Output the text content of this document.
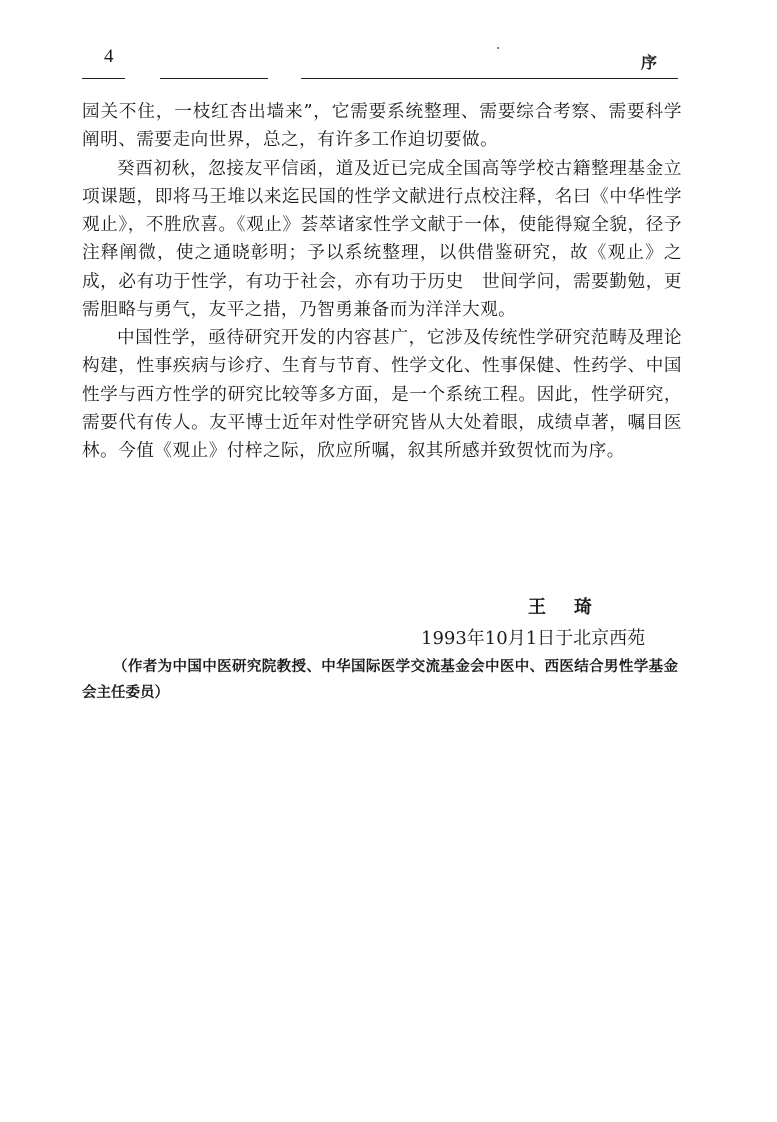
4	序

园关不住，一枝红杏出墙来”，它需要系统整理、需要综合考察、需要科学阐明、需要走向世界，总之，有许多工作迫切要做。

癸酉初秋，忽接友平信函，道及近已完成全国高等学校古籍整理基金立项课题，即将马王堆以来迄民国的性学文献进行点校注释，名曰《中华性学观止》，不胜欣喜。《观止》荟萃诸家性学文献于一体，使能得窥全貌，径予注释阐微，使之通晓彰明；予以系统整理，以供借鉴研究，故《观止》之成，必有功于性学，有功于社会，亦有功于历史　世间学问，需要勤勉，更需胆略与勇气，友平之措，乃智勇兼备而为洋洋大观。

中国性学，亟待研究开发的内容甚广，它涉及传统性学研究范畴及理论构建，性事疾病与诊疗、生育与节育、性学文化、性事保健、性药学、中国性学与西方性学的研究比较等多方面，是一个系统工程。因此，性学研究，需要代有传人。友平博士近年对性学研究皆从大处着眼，成绩卓著，嘱目医林。今值《观止》付梓之际，欣应所嘱，叙其所感并致贺忱而为序。

王琦
1993年10月1日于北京西苑
（作者为中国中医研究院教授、中华国际医学交流基金会中医中、西医结合男性学基金会主任委员）
